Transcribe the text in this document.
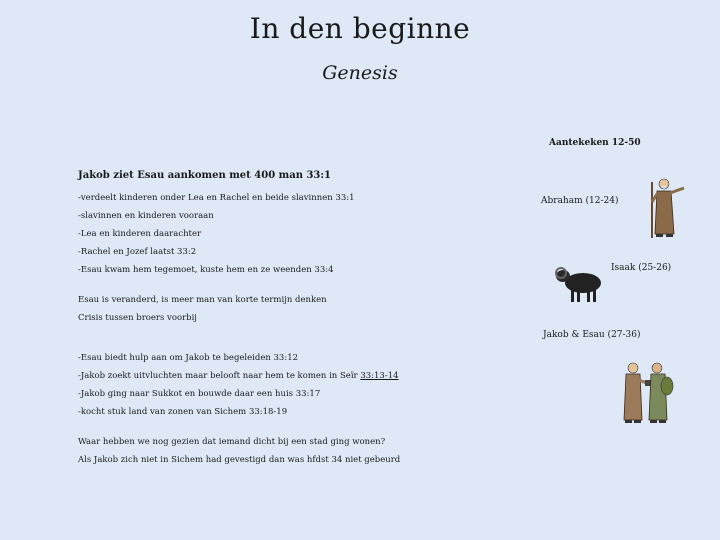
In den beginne
Genesis
Aantekeken 12-50
Jakob ziet Esau aankomen met 400 man 33:1
-verdeelt kinderen onder Lea en Rachel en beide slavinnen 33:1
-slavinnen en kinderen vooraan
-Lea en kinderen daarachter
-Rachel en Jozef laatst 33:2
-Esau kwam hem tegemoet, kuste hem en ze weenden 33:4
Esau is veranderd, is meer man van korte termijn denken
Crisis tussen broers voorbij
-Esau biedt hulp aan om Jakob te begeleiden 33:12
-Jakob zoekt uitvluchten maar belooft naar hem te komen in Seïr 33:13-14
-Jakob ging naar Sukkot en bouwde daar een huis 33:17
-kocht stuk land van zonen van Sichem 33:18-19
Waar hebben we nog gezien dat iemand dicht bij een stad ging wonen?
Als Jakob zich niet in Sichem had gevestigd dan was hfdst 34 niet gebeurd
Abraham (12-24)
Isaak (25-26)
Jakob & Esau (27-36)
